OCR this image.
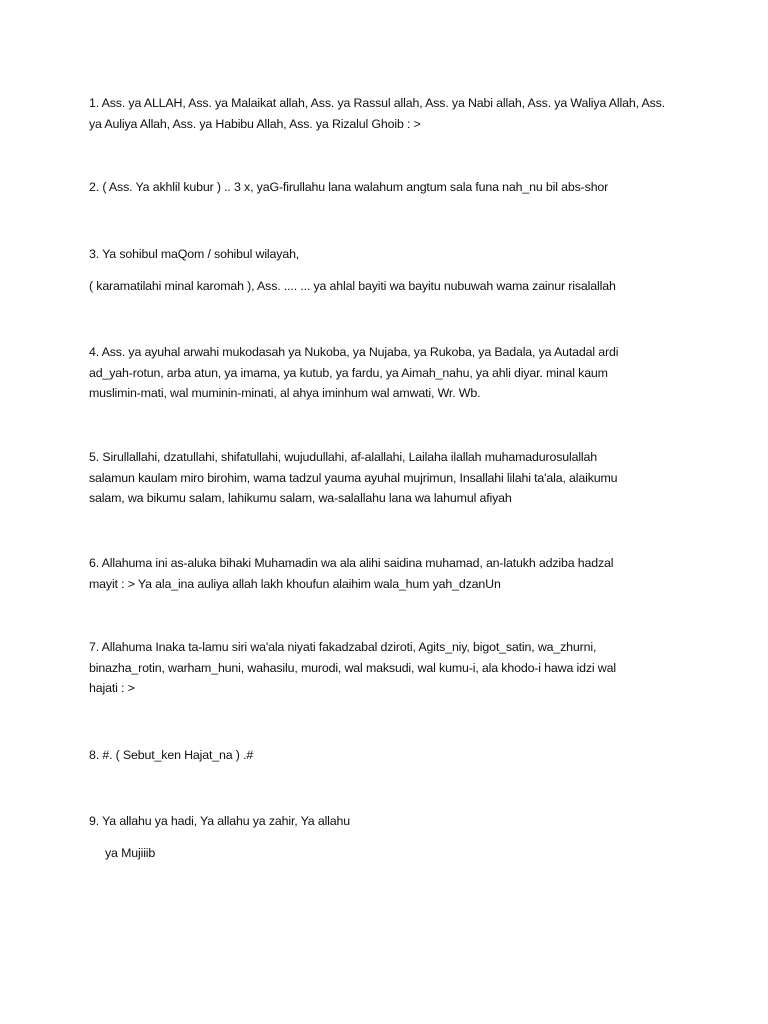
1. Ass. ya ALLAH, Ass. ya Malaikat allah, Ass. ya Rassul allah, Ass. ya Nabi allah, Ass. ya Waliya Allah, Ass.
ya Auliya Allah, Ass. ya Habibu Allah, Ass. ya Rizalul Ghoib : >

2. ( Ass. Ya akhlil kubur ) .. 3 x, yaG-firullahu lana walahum angtum sala funa nah_nu bil abs-shor

3. Ya sohibul maQom / sohibul wilayah,

( karamatilahi minal karomah ), Ass. .... ... ya ahlal bayiti wa bayitu nubuwah wama zainur risalallah

4. Ass. ya ayuhal arwahi mukodasah ya Nukoba, ya Nujaba, ya Rukoba, ya Badala, ya Autadal ardi
ad_yah-rotun, arba atun, ya imama, ya kutub, ya fardu, ya Aimah_nahu, ya ahli diyar. minal kaum
muslimin-mati, wal muminin-minati, al ahya iminhum wal amwati, Wr. Wb.

5. Sirullallahi, dzatullahi, shifatullahi, wujudullahi, af-alallahi, Lailaha ilallah muhamadurosulallah
salamun kaulam miro birohim, wama tadzul yauma ayuhal mujrimun, Insallahi lilahi ta'ala, alaikumu
salam, wa bikumu salam, lahikumu salam, wa-salallahu lana wa lahumul afiyah

6. Allahuma ini as-aluka bihaki Muhamadin wa ala alihi saidina muhamad, an-latukh adziba hadzal
mayit : > Ya ala_ina auliya allah lakh khoufun alaihim wala_hum yah_dzanUn

7. Allahuma Inaka ta-lamu siri wa'ala niyati fakadzabal dziroti, Agits_niy, bigot_satin, wa_zhurni,
binazha_rotin, warham_huni, wahasilu, murodi, wal maksudi, wal kumu-i, ala khodo-i hawa idzi wal
hajati : >

8. #. ( Sebut_ken Hajat_na ) .#

9. Ya allahu ya hadi, Ya allahu ya zahir, Ya allahu

ya Mujiiib
